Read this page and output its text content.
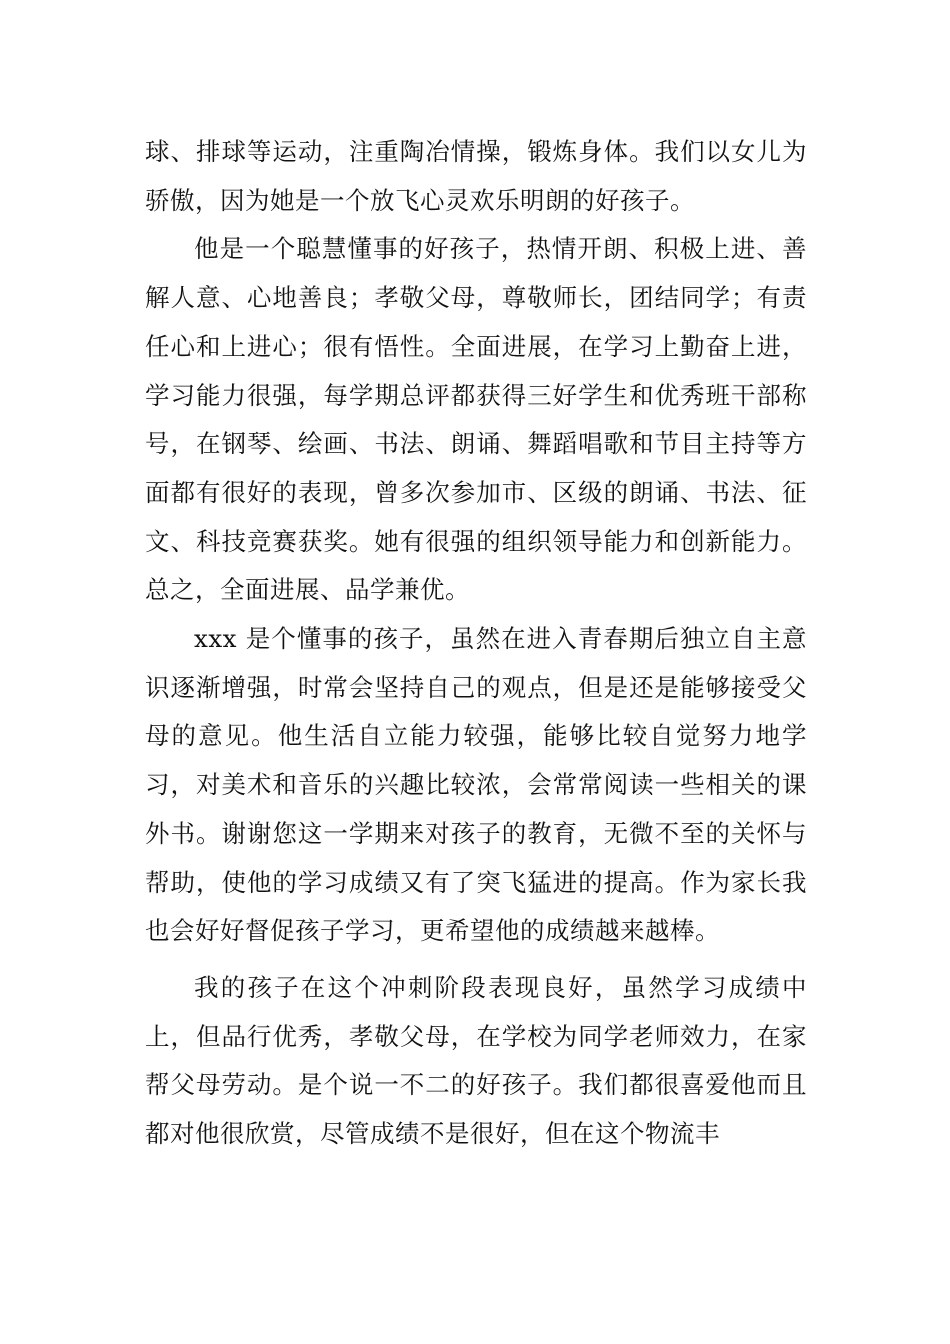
球、排球等运动，注重陶冶情操，锻炼身体。我们以女儿为骄傲，因为她是一个放飞心灵欢乐明朗的好孩子。

他是一个聪慧懂事的好孩子，热情开朗、积极上进、善解人意、心地善良；孝敬父母，尊敬师长，团结同学；有责任心和上进心；很有悟性。全面进展，在学习上勤奋上进，学习能力很强，每学期总评都获得三好学生和优秀班干部称号，在钢琴、绘画、书法、朗诵、舞蹈唱歌和节目主持等方面都有很好的表现，曾多次参加市、区级的朗诵、书法、征文、科技竞赛获奖。她有很强的组织领导能力和创新能力。总之，全面进展、品学兼优。

xxx 是个懂事的孩子，虽然在进入青春期后独立自主意识逐渐增强，时常会坚持自己的观点，但是还是能够接受父母的意见。他生活自立能力较强，能够比较自觉努力地学习，对美术和音乐的兴趣比较浓，会常常阅读一些相关的课外书。谢谢您这一学期来对孩子的教育，无微不至的关怀与帮助，使他的学习成绩又有了突飞猛进的提高。作为家长我也会好好督促孩子学习，更希望他的成绩越来越棒。

我的孩子在这个冲刺阶段表现良好，虽然学习成绩中上，但品行优秀，孝敬父母，在学校为同学老师效力，在家帮父母劳动。是个说一不二的好孩子。我们都很喜爱他而且都对他很欣赏，尽管成绩不是很好，但在这个物流丰
